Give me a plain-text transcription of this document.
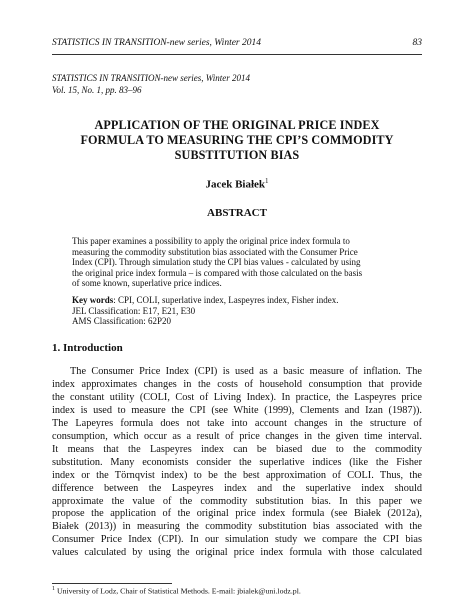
STATISTICS IN TRANSITION-new series, Winter 2014	83
STATISTICS IN TRANSITION-new series, Winter 2014
Vol. 15, No. 1, pp. 83–96
APPLICATION OF THE ORIGINAL PRICE INDEX
FORMULA TO MEASURING THE CPI’S COMMODITY
SUBSTITUTION BIAS
Jacek Białek$^1$
ABSTRACT
This paper examines a possibility to apply the original price index formula to
measuring the commodity substitution bias associated with the Consumer Price
Index (CPI). Through simulation study the CPI bias values - calculated by using
the original price index formula – is compared with those calculated on the basis
of some known, superlative price indices.
Key words: CPI, COLI, superlative index, Laspeyres index, Fisher index.
JEL Classification: E17, E21, E30
AMS Classification: 62P20
1. Introduction
The Consumer Price Index (CPI) is used as a basic measure of inflation. The
index approximates changes in the costs of household consumption that provide
the constant utility (COLI, Cost of Living Index). In practice, the Laspeyres price
index is used to measure the CPI (see White (1999), Clements and Izan (1987)).
The Lapeyres formula does not take into account changes in the structure of
consumption, which occur as a result of price changes in the given time interval.
It means that the Laspeyres index can be biased due to the commodity
substitution. Many economists consider the superlative indices (like the Fisher
index or the Törnqvist index) to be the best approximation of COLI. Thus, the
difference between the Laspeyres index and the superlative index should
approximate the value of the commodity substitution bias. In this paper we
propose the application of the original price index formula (see Białek (2012a),
Białek (2013)) in measuring the commodity substitution bias associated with the
Consumer Price Index (CPI). In our simulation study we compare the CPI bias
values calculated by using the original price index formula with those calculated
$^1$ University of Lodz, Chair of Statistical Methods. E-mail: jbialek@uni.lodz.pl.
